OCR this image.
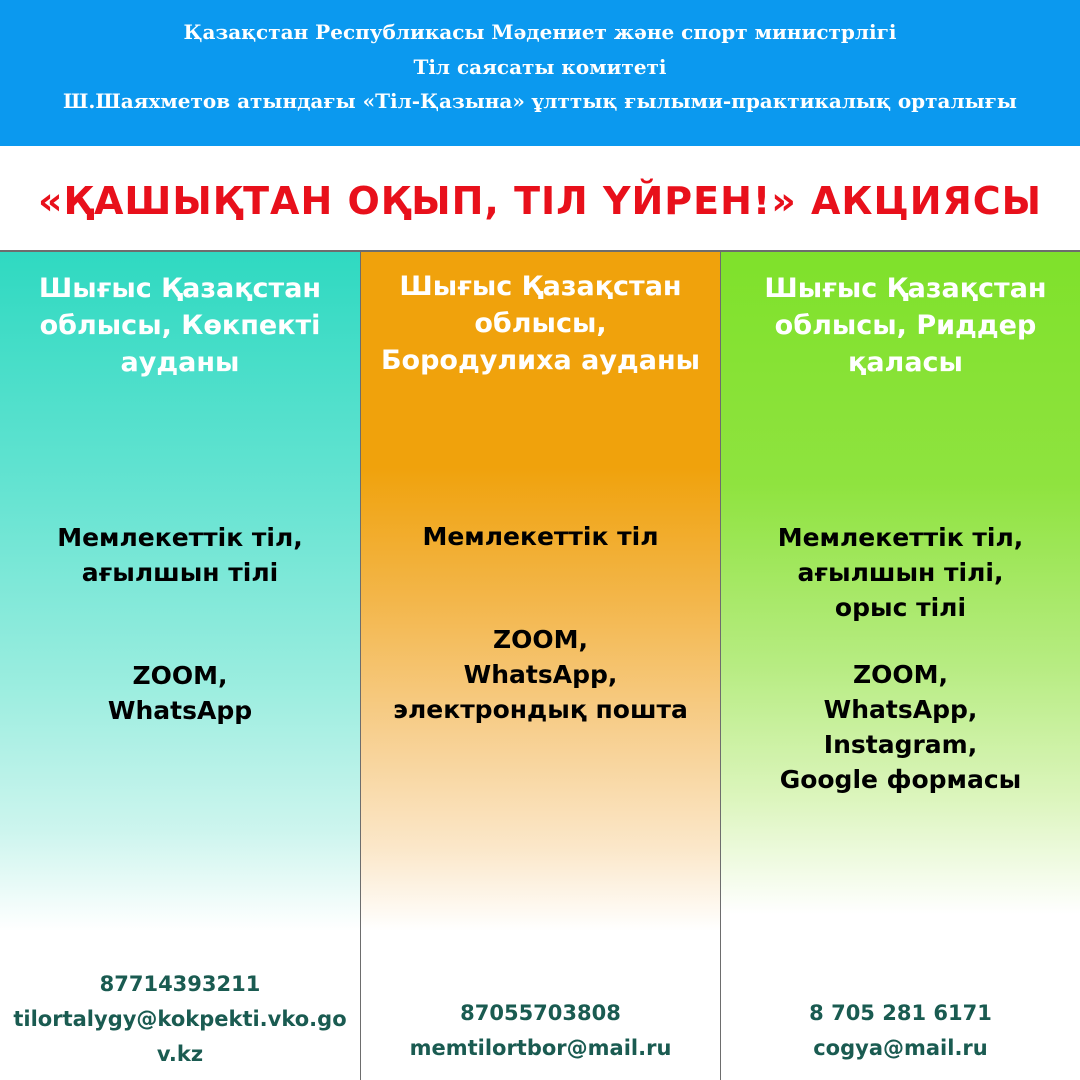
Қазақстан Республикасы Мәдениет және спорт министрлігі
Тіл саясаты комитеті
Ш.Шаяхметов атындағы «Тіл-Қазына» ұлттық ғылыми-практикалық орталығы
«ҚАШЫҚТАН ОҚЫП, ТІЛ ҮЙРЕН!» АКЦИЯСЫ
Шығыс Қазақстан облысы, Көкпекті ауданы
Мемлекеттік тіл,
ағылшын тілі
ZOOM,
WhatsApp
87714393211
tilortalygy@kokpekti.vko.gov.kz
Шығыс Қазақстан
облысы,
Бородулиха ауданы
Мемлекеттік тіл
ZOOM,
WhatsApp,
электрондық пошта
87055703808
memtilortbor@mail.ru
Шығыс Қазақстан облысы, Риддер қаласы
Мемлекеттік тіл,
ағылшын тілі,
орыс тілі
ZOOM,
WhatsApp,
Instagram,
Google формасы
8 705 281 6171
cogya@mail.ru
